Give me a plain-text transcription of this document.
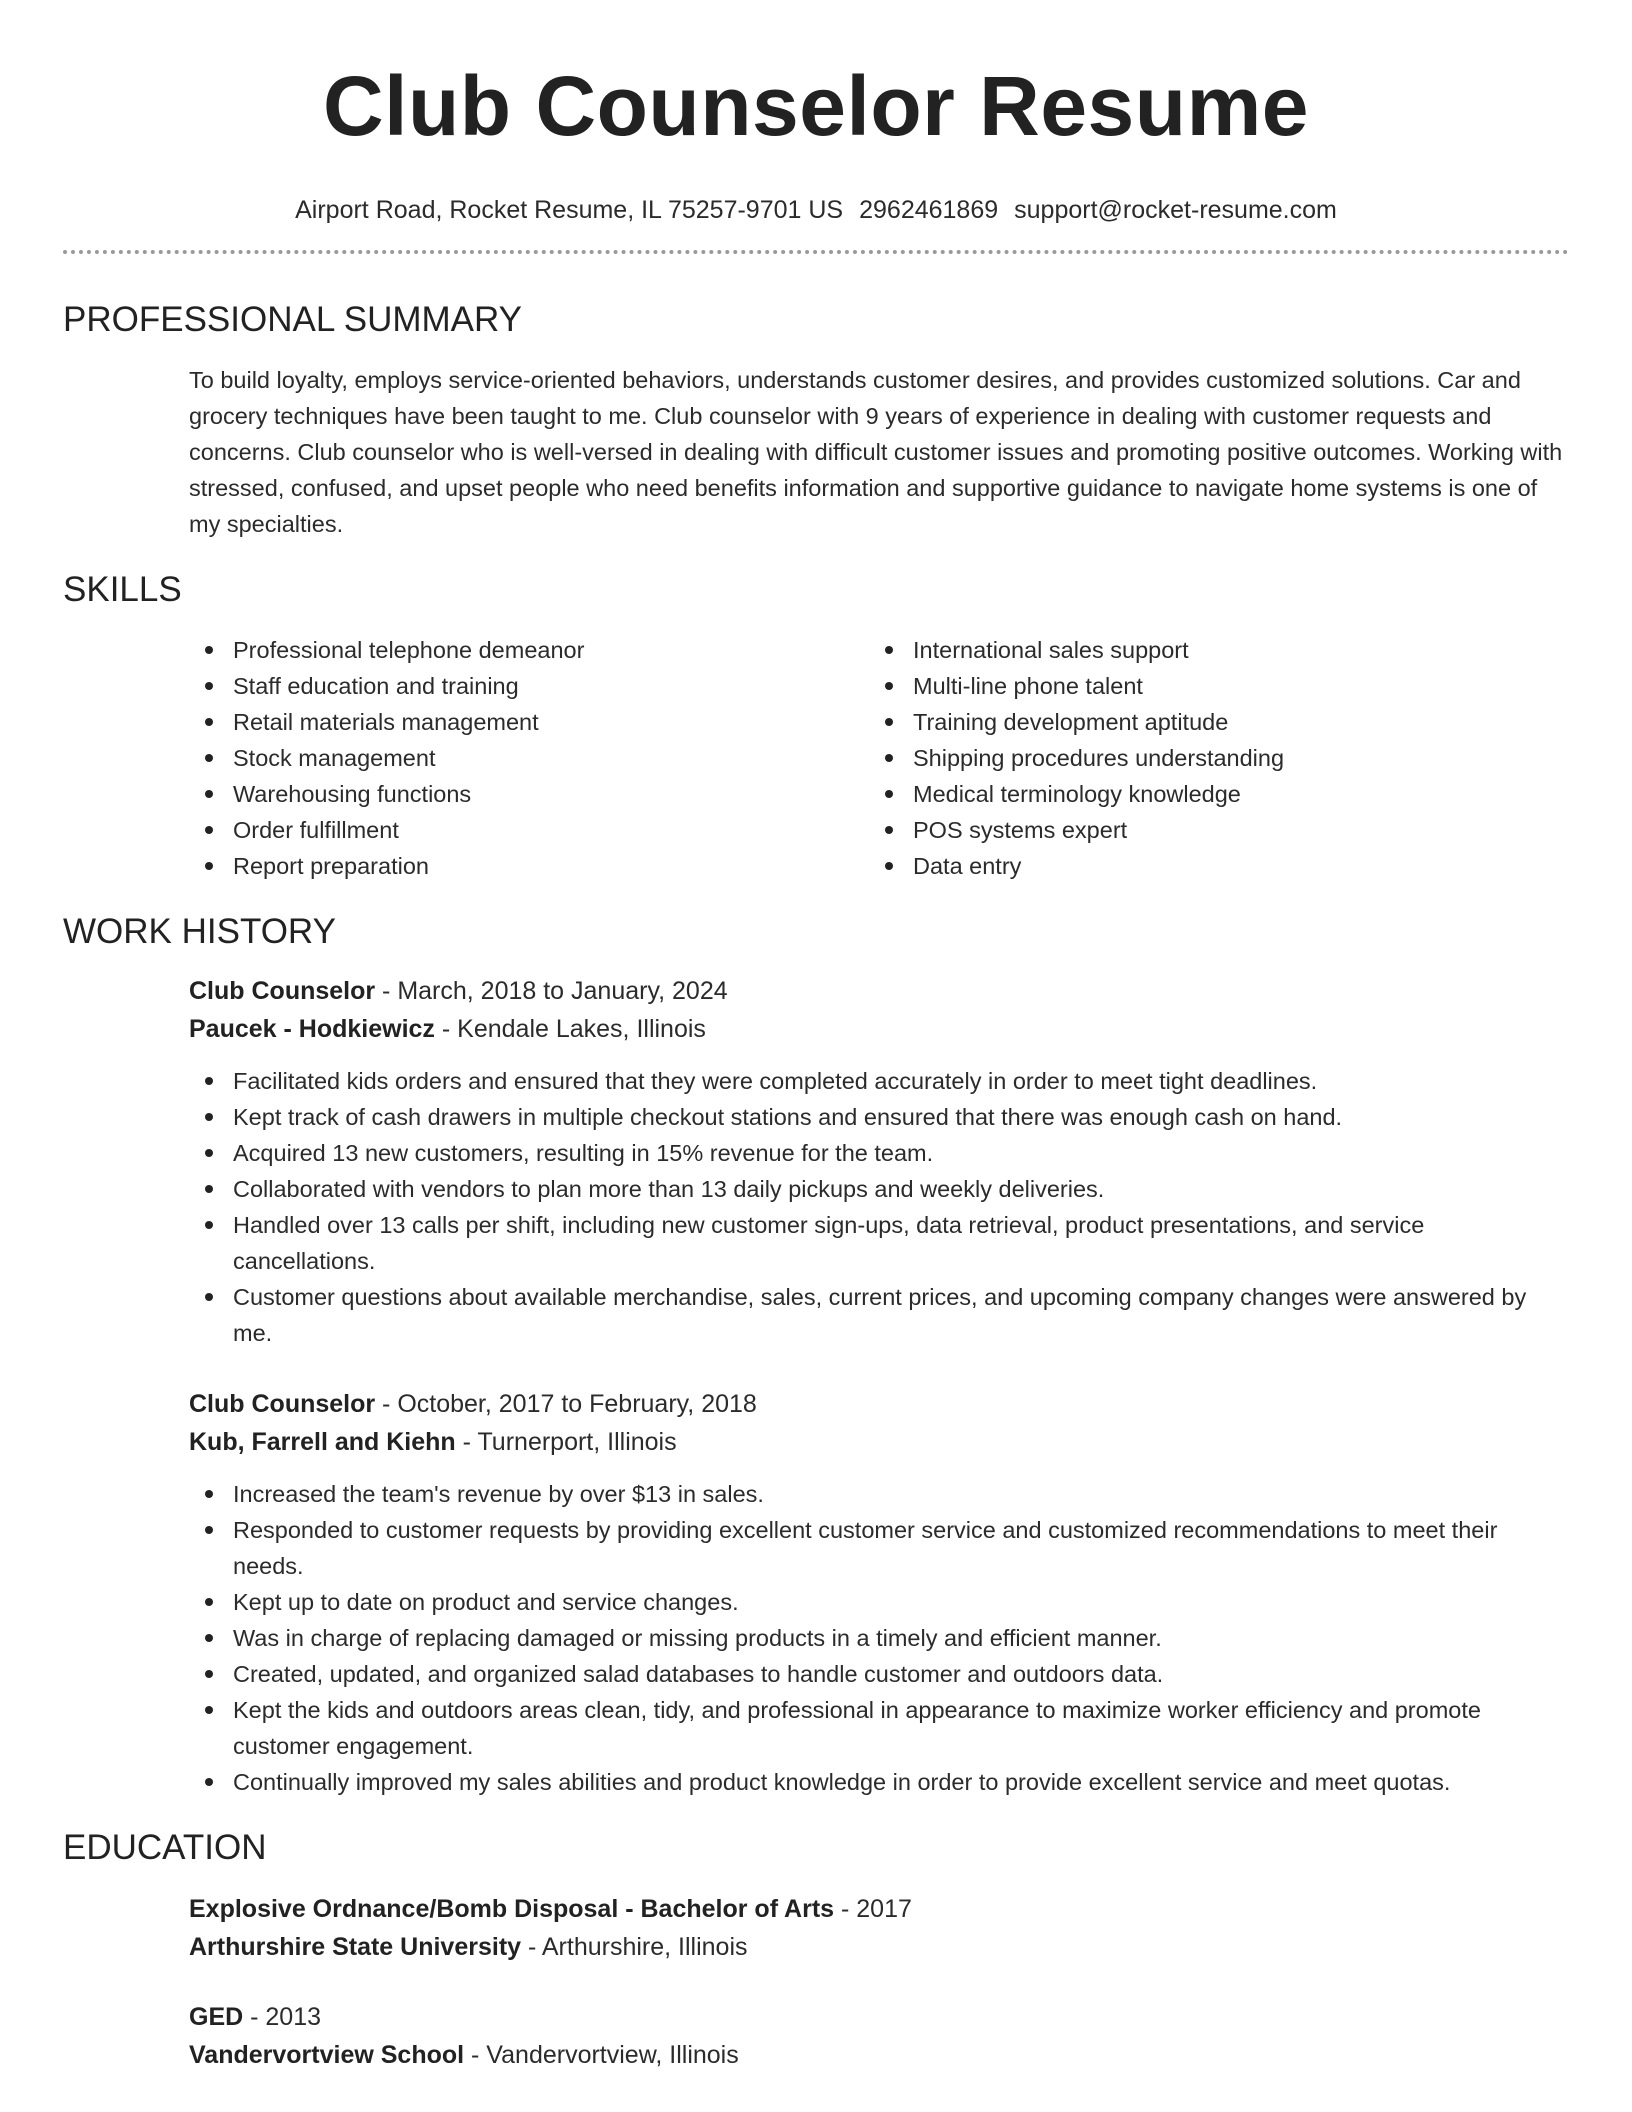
Club Counselor Resume
Airport Road, Rocket Resume, IL 75257-9701 US 2962461869 support@rocket-resume.com
PROFESSIONAL SUMMARY

To build loyalty, employs service-oriented behaviors, understands customer desires, and provides customized solutions. Car and grocery techniques have been taught to me. Club counselor with 9 years of experience in dealing with customer requests and concerns. Club counselor who is well-versed in dealing with difficult customer issues and promoting positive outcomes. Working with stressed, confused, and upset people who need benefits information and supportive guidance to navigate home systems is one of my specialties.

SKILLS
Professional telephone demeanor
Staff education and training
Retail materials management
Stock management
Warehousing functions
Order fulfillment
Report preparation
International sales support
Multi-line phone talent
Training development aptitude
Shipping procedures understanding
Medical terminology knowledge
POS systems expert
Data entry
WORK HISTORY
Club Counselor - March, 2018 to January, 2024
Paucek - Hodkiewicz - Kendale Lakes, Illinois
Facilitated kids orders and ensured that they were completed accurately in order to meet tight deadlines.
Kept track of cash drawers in multiple checkout stations and ensured that there was enough cash on hand.
Acquired 13 new customers, resulting in 15% revenue for the team.
Collaborated with vendors to plan more than 13 daily pickups and weekly deliveries.
Handled over 13 calls per shift, including new customer sign-ups, data retrieval, product presentations, and service cancellations.
Customer questions about available merchandise, sales, current prices, and upcoming company changes were answered by me.
Club Counselor - October, 2017 to February, 2018
Kub, Farrell and Kiehn - Turnerport, Illinois
Increased the team's revenue by over $13 in sales.
Responded to customer requests by providing excellent customer service and customized recommendations to meet their needs.
Kept up to date on product and service changes.
Was in charge of replacing damaged or missing products in a timely and efficient manner.
Created, updated, and organized salad databases to handle customer and outdoors data.
Kept the kids and outdoors areas clean, tidy, and professional in appearance to maximize worker efficiency and promote customer engagement.
Continually improved my sales abilities and product knowledge in order to provide excellent service and meet quotas.
EDUCATION
Explosive Ordnance/Bomb Disposal - Bachelor of Arts - 2017
Arthurshire State University - Arthurshire, Illinois
GED - 2013
Vandervortview School - Vandervortview, Illinois
